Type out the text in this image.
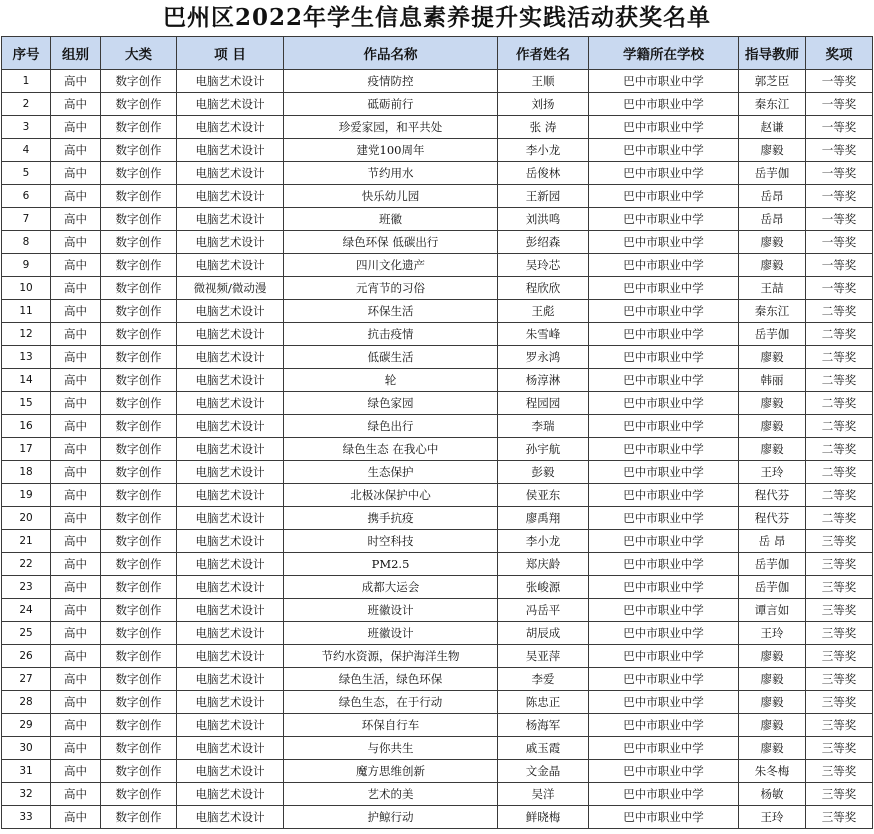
巴州区2022年学生信息素养提升实践活动获奖名单
序号	组别	大类	项 目	作品名称	作者姓名	学籍所在学校	指导教师	奖项
1	高中	数字创作	电脑艺术设计	疫情防控	王顺	巴中市职业中学	郭芝臣	一等奖
2	高中	数字创作	电脑艺术设计	砥砺前行	刘扬	巴中市职业中学	秦东江	一等奖
3	高中	数字创作	电脑艺术设计	珍爱家园，和平共处	张 涛	巴中市职业中学	赵谦	一等奖
4	高中	数字创作	电脑艺术设计	建党100周年	李小龙	巴中市职业中学	廖毅	一等奖
5	高中	数字创作	电脑艺术设计	节约用水	岳俊林	巴中市职业中学	岳芋伽	一等奖
6	高中	数字创作	电脑艺术设计	快乐幼儿园	王新园	巴中市职业中学	岳昂	一等奖
7	高中	数字创作	电脑艺术设计	班徽	刘洪鸣	巴中市职业中学	岳昂	一等奖
8	高中	数字创作	电脑艺术设计	绿色环保 低碳出行	彭绍森	巴中市职业中学	廖毅	一等奖
9	高中	数字创作	电脑艺术设计	四川文化遗产	吴玲芯	巴中市职业中学	廖毅	一等奖
10	高中	数字创作	微视频/微动漫	元宵节的习俗	程欣欣	巴中市职业中学	王喆	一等奖
11	高中	数字创作	电脑艺术设计	环保生活	王彪	巴中市职业中学	秦东江	二等奖
12	高中	数字创作	电脑艺术设计	抗击疫情	朱雪峰	巴中市职业中学	岳芋伽	二等奖
13	高中	数字创作	电脑艺术设计	低碳生活	罗永鸿	巴中市职业中学	廖毅	二等奖
14	高中	数字创作	电脑艺术设计	轮	杨淳淋	巴中市职业中学	韩丽	二等奖
15	高中	数字创作	电脑艺术设计	绿色家园	程园园	巴中市职业中学	廖毅	二等奖
16	高中	数字创作	电脑艺术设计	绿色出行	李瑞	巴中市职业中学	廖毅	二等奖
17	高中	数字创作	电脑艺术设计	绿色生态 在我心中	孙宇航	巴中市职业中学	廖毅	二等奖
18	高中	数字创作	电脑艺术设计	生态保护	彭毅	巴中市职业中学	王玲	二等奖
19	高中	数字创作	电脑艺术设计	北极冰保护中心	侯亚东	巴中市职业中学	程代芬	二等奖
20	高中	数字创作	电脑艺术设计	携手抗疫	廖禹翔	巴中市职业中学	程代芬	二等奖
21	高中	数字创作	电脑艺术设计	时空科技	李小龙	巴中市职业中学	岳 昂	三等奖
22	高中	数字创作	电脑艺术设计	PM2.5	郑庆龄	巴中市职业中学	岳芋伽	三等奖
23	高中	数字创作	电脑艺术设计	成都大运会	张峻源	巴中市职业中学	岳芋伽	三等奖
24	高中	数字创作	电脑艺术设计	班徽设计	冯岳平	巴中市职业中学	谭言如	三等奖
25	高中	数字创作	电脑艺术设计	班徽设计	胡辰成	巴中市职业中学	王玲	三等奖
26	高中	数字创作	电脑艺术设计	节约水资源，保护海洋生物	吴亚萍	巴中市职业中学	廖毅	三等奖
27	高中	数字创作	电脑艺术设计	绿色生活，绿色环保	李爱	巴中市职业中学	廖毅	三等奖
28	高中	数字创作	电脑艺术设计	绿色生态，在于行动	陈忠正	巴中市职业中学	廖毅	三等奖
29	高中	数字创作	电脑艺术设计	环保自行车	杨海军	巴中市职业中学	廖毅	三等奖
30	高中	数字创作	电脑艺术设计	与你共生	戚玉霞	巴中市职业中学	廖毅	三等奖
31	高中	数字创作	电脑艺术设计	魔方思维创新	文金晶	巴中市职业中学	朱冬梅	三等奖
32	高中	数字创作	电脑艺术设计	艺术的美	吴洋	巴中市职业中学	杨敏	三等奖
33	高中	数字创作	电脑艺术设计	护鲸行动	鲜晓梅	巴中市职业中学	王玲	三等奖
